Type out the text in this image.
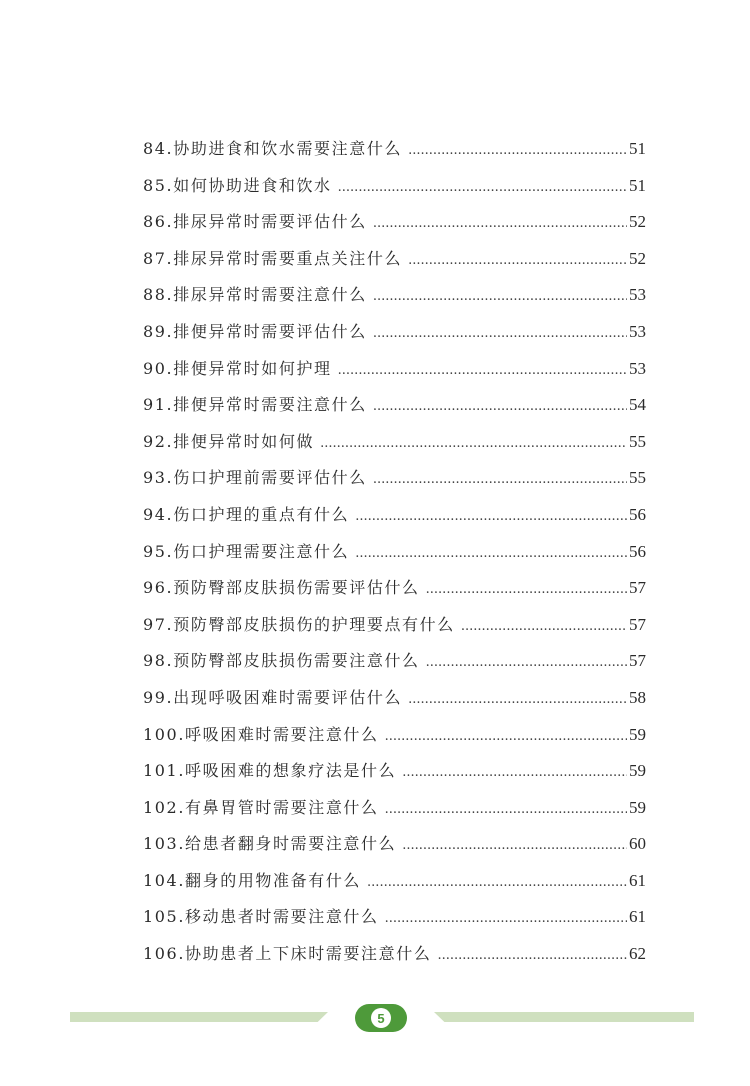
84. 协助进食和饮水需要注意什么 .....	51
85. 如何协助进食和饮水 .....	51
86. 排尿异常时需要评估什么 .....	52
87. 排尿异常时需要重点关注什么 .....	52
88. 排尿异常时需要注意什么 .....	53
89. 排便异常时需要评估什么 .....	53
90. 排便异常时如何护理 .....	53
91. 排便异常时需要注意什么 .....	54
92. 排便异常时如何做 .....	55
93. 伤口护理前需要评估什么 .....	55
94. 伤口护理的重点有什么 .....	56
95. 伤口护理需要注意什么 .....	56
96. 预防臀部皮肤损伤需要评估什么 .....	57
97. 预防臀部皮肤损伤的护理要点有什么 .....	57
98. 预防臀部皮肤损伤需要注意什么 .....	57
99. 出现呼吸困难时需要评估什么 .....	58
100. 呼吸困难时需要注意什么 .....	59
101. 呼吸困难的想象疗法是什么 .....	59
102. 有鼻胃管时需要注意什么 .....	59
103. 给患者翻身时需要注意什么 .....	60
104. 翻身的用物准备有什么 .....	61
105. 移动患者时需要注意什么 .....	61
106. 协助患者上下床时需要注意什么 .....	62
5
